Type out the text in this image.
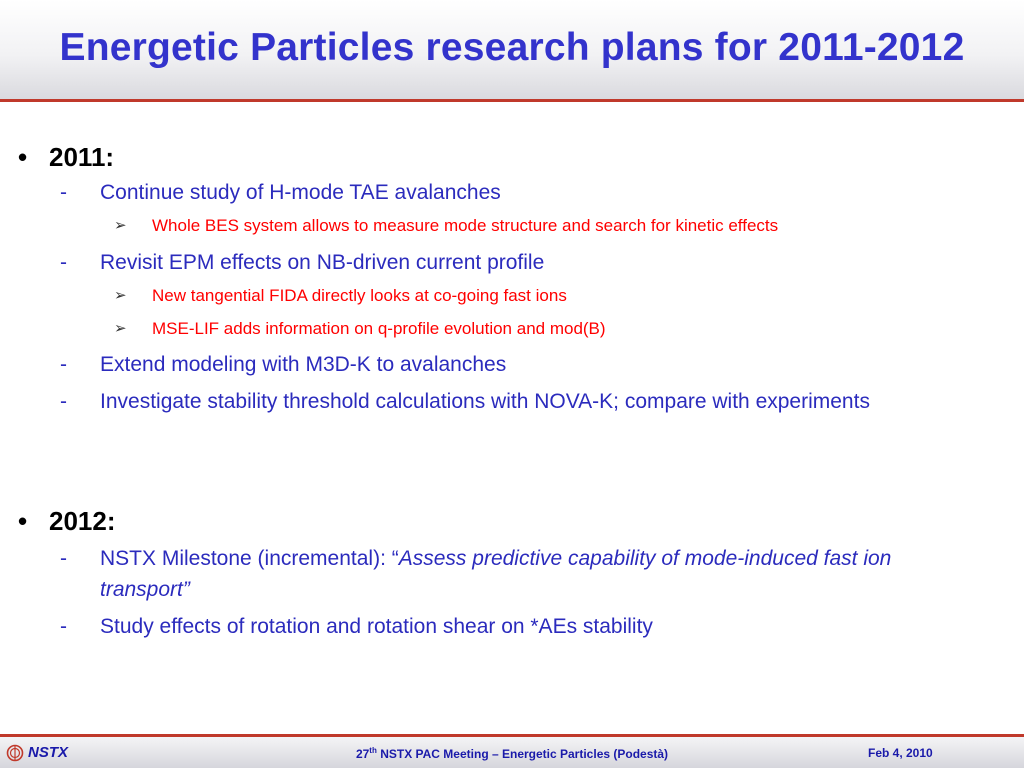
Energetic Particles research plans for 2011-2012
• 2011:
- Continue study of H-mode TAE avalanches
➢ Whole BES system allows to measure mode structure and search for kinetic effects
- Revisit EPM effects on NB-driven current profile
➢ New tangential FIDA directly looks at co-going fast ions
➢ MSE-LIF adds information on q-profile evolution and mod(B)
- Extend modeling with M3D-K to avalanches
- Investigate stability threshold calculations with NOVA-K; compare with experiments
• 2012:
- NSTX Milestone (incremental): “Assess predictive capability of mode-induced fast ion transport”
- Study effects of rotation and rotation shear on *AEs stability
NSTX	27th NSTX PAC Meeting – Energetic Particles (Podestà)	Feb 4, 2010
